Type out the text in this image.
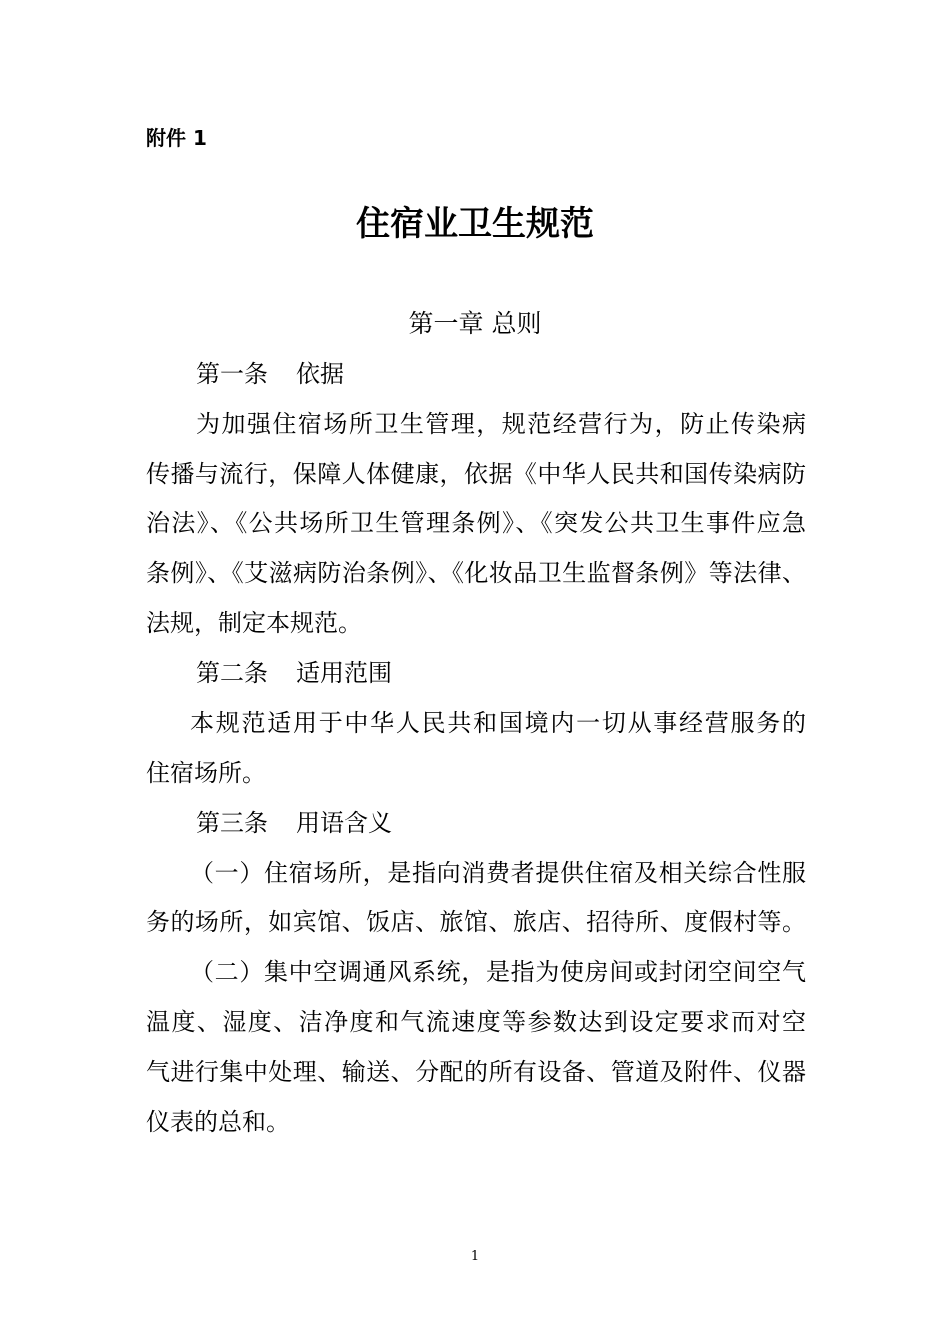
附件 1
住宿业卫生规范
第一章 总则
第一条 依据
为加强住宿场所卫生管理，规范经营行为，防止传染病
传播与流行，保障人体健康，依据《中华人民共和国传染病防
治法》、《公共场所卫生管理条例》、《突发公共卫生事件应急
条例》、《艾滋病防治条例》、《化妆品卫生监督条例》等法律、
法规，制定本规范。
第二条 适用范围
本规范适用于中华人民共和国境内一切从事经营服务的
住宿场所。
第三条 用语含义
（一）住宿场所，是指向消费者提供住宿及相关综合性服
务的场所，如宾馆、饭店、旅馆、旅店、招待所、度假村等。
（二）集中空调通风系统，是指为使房间或封闭空间空气
温度、湿度、洁净度和气流速度等参数达到设定要求而对空
气进行集中处理、输送、分配的所有设备、管道及附件、仪器
仪表的总和。
1
